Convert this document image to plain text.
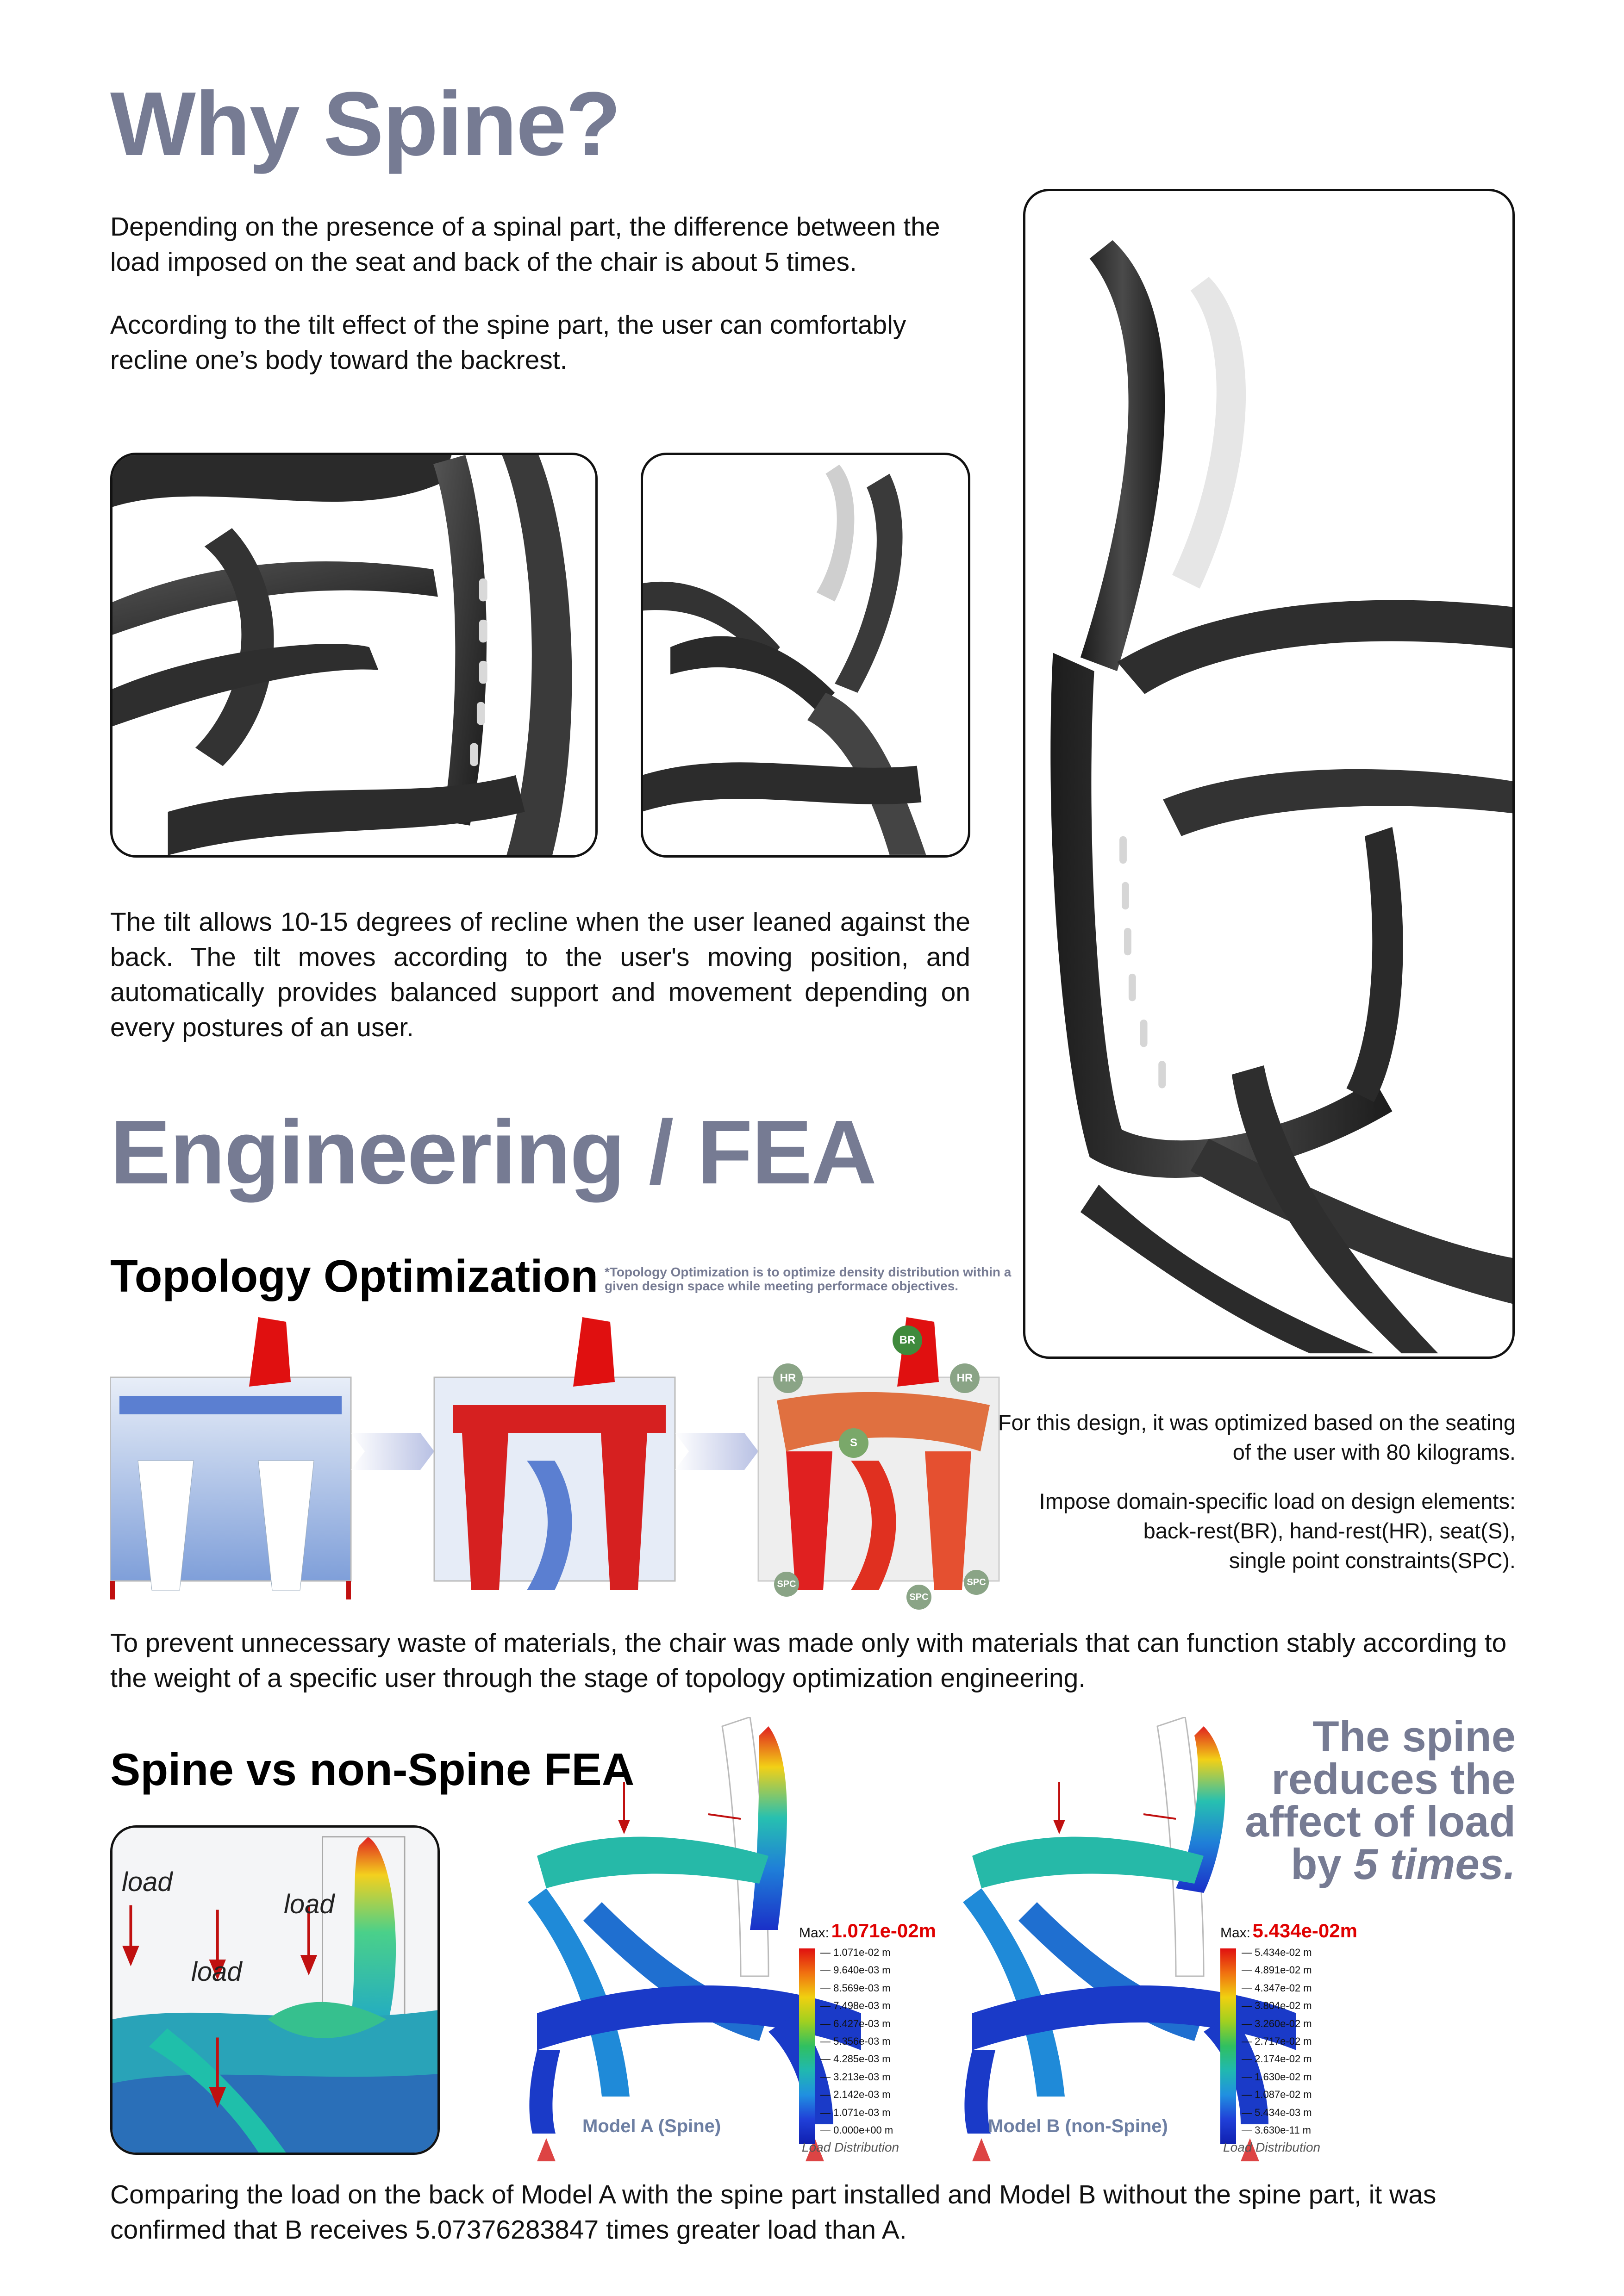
Why Spine?
Depending on the presence of a spinal part, the difference between the load imposed on the seat and back of the chair is about 5 times.
According to the tilt effect of the spine part, the user can comfortably recline one’s body toward the backrest.
The tilt allows 10-15 degrees of recline when the user leaned against the back. The tilt moves according to the user's moving position, and automatically provides balanced support and movement depending on every postures of an user.
Engineering / FEA
Topology Optimization *Topology Optimization is to optimize density distribution within a given design space while meeting performace objectives.
BR
HR	HR
S
SPC
SPC
SPC
For this design, it was optimized based on the seating of the user with 80 kilograms.
Impose domain-specific load on design elements:
back-rest(BR), hand-rest(HR), seat(S),
single point constraints(SPC).
To prevent unnecessary waste of materials, the chair was made only with materials that can function stably according to the weight of a specific user through the stage of topology optimization engineering.
Spine vs non-Spine FEA
load
load
load
Model A (Spine)
Max: 1.071e-02m
— 1.071e-02 m
— 9.640e-03 m
— 8.569e-03 m
— 7.498e-03 m
— 6.427e-03 m
— 5.356e-03 m
— 4.285e-03 m
— 3.213e-03 m
— 2.142e-03 m
— 1.071e-03 m
— 0.000e+00 m
Load Distribution
Model B (non-Spine)
Max: 5.434e-02m
— 5.434e-02 m
— 4.891e-02 m
— 4.347e-02 m
— 3.804e-02 m
— 3.260e-02 m
— 2.717e-02 m
— 2.174e-02 m
— 1.630e-02 m
— 1.087e-02 m
— 5.434e-03 m
— 3.630e-11 m
Load Distribution
The spine
reduces the
affect of load
by 5 times.
Comparing the load on the back of Model A with the spine part installed and Model B without the spine part, it was confirmed that B receives 5.07376283847 times greater load than A.
